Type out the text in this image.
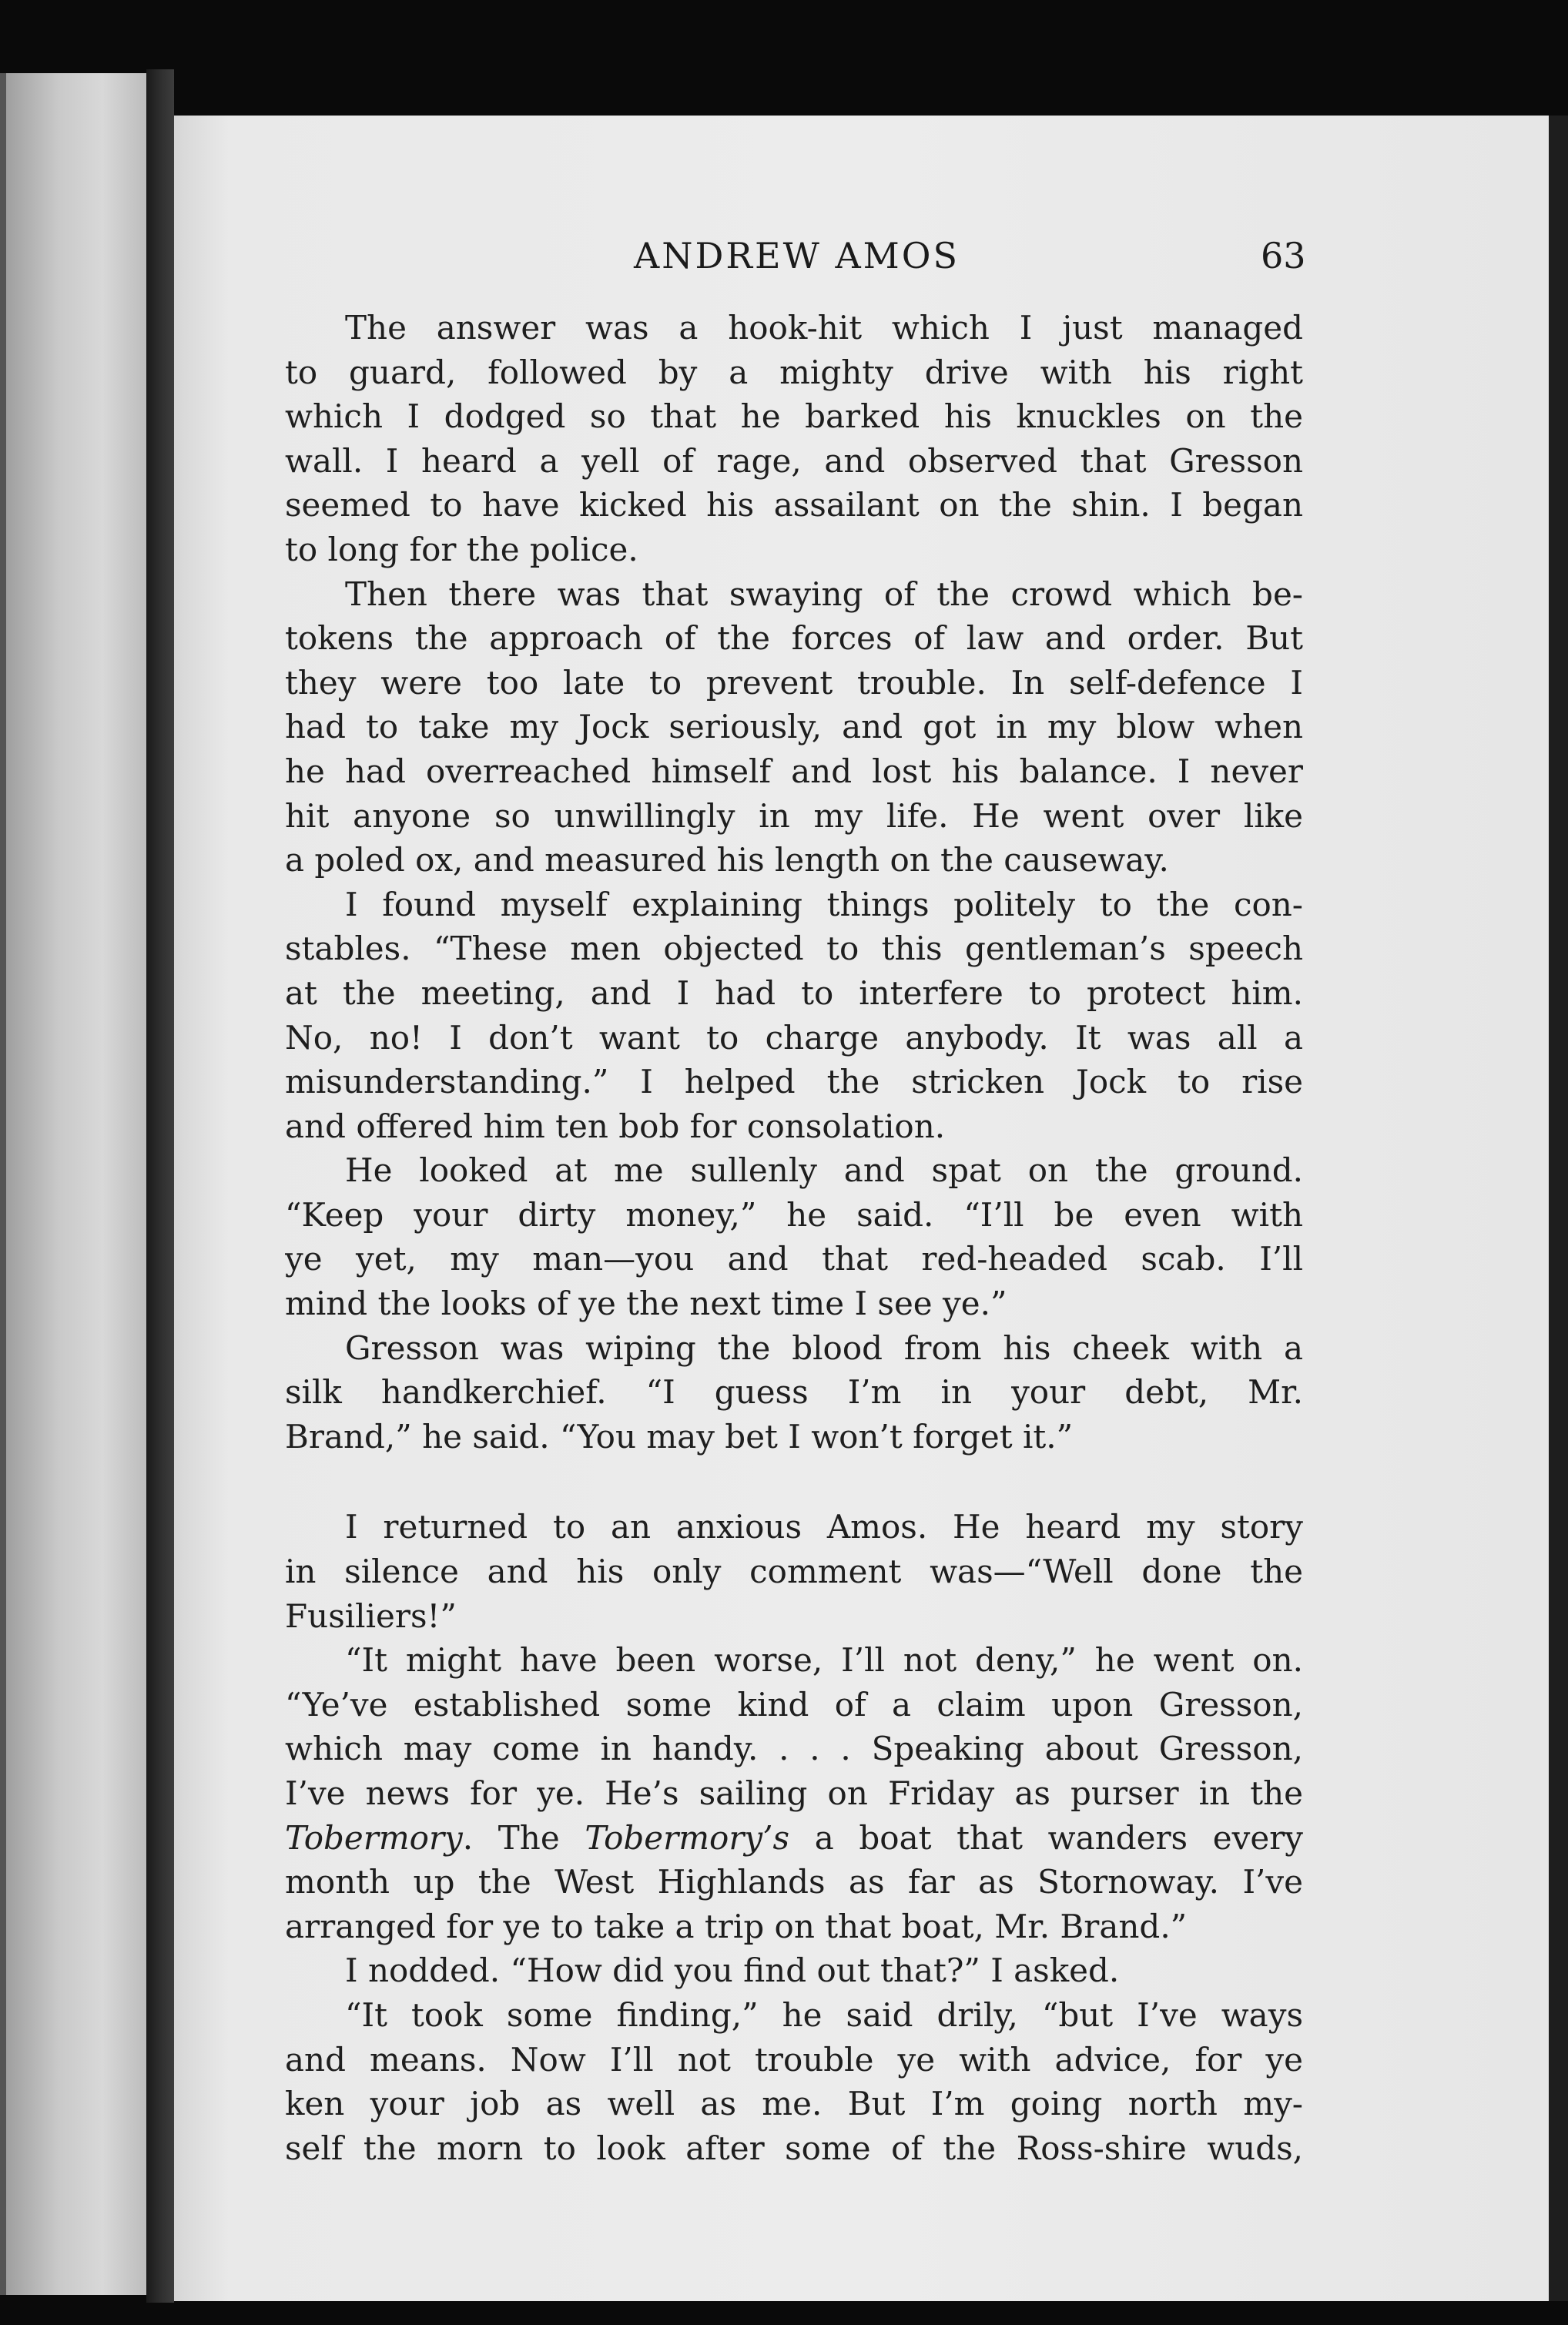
ANDREW AMOS	63
The answer was a hook-hit which I just managed
to guard, followed by a mighty drive with his right
which I dodged so that he barked his knuckles on the
wall. I heard a yell of rage, and observed that Gresson
seemed to have kicked his assailant on the shin. I began
to long for the police.
Then there was that swaying of the crowd which be-
tokens the approach of the forces of law and order. But
they were too late to prevent trouble. In self-defence I
had to take my Jock seriously, and got in my blow when
he had overreached himself and lost his balance. I never
hit anyone so unwillingly in my life. He went over like
a poled ox, and measured his length on the causeway.
I found myself explaining things politely to the con-
stables. “These men objected to this gentleman’s speech
at the meeting, and I had to interfere to protect him.
No, no! I don’t want to charge anybody. It was all a
misunderstanding.” I helped the stricken Jock to rise
and offered him ten bob for consolation.
He looked at me sullenly and spat on the ground.
“Keep your dirty money,” he said. “I’ll be even with
ye yet, my man—you and that red-headed scab. I’ll
mind the looks of ye the next time I see ye.”
Gresson was wiping the blood from his cheek with a
silk handkerchief. “I guess I’m in your debt, Mr.
Brand,” he said. “You may bet I won’t forget it.”
I returned to an anxious Amos. He heard my story
in silence and his only comment was—“Well done the
Fusiliers!”
“It might have been worse, I’ll not deny,” he went on.
“Ye’ve established some kind of a claim upon Gresson,
which may come in handy. . . . Speaking about Gresson,
I’ve news for ye. He’s sailing on Friday as purser in the
Tobermory. The Tobermory’s a boat that wanders every
month up the West Highlands as far as Stornoway. I’ve
arranged for ye to take a trip on that boat, Mr. Brand.”
I nodded. “How did you find out that?” I asked.
“It took some finding,” he said drily, “but I’ve ways
and means. Now I’ll not trouble ye with advice, for ye
ken your job as well as me. But I’m going north my-
self the morn to look after some of the Ross-shire wuds,
